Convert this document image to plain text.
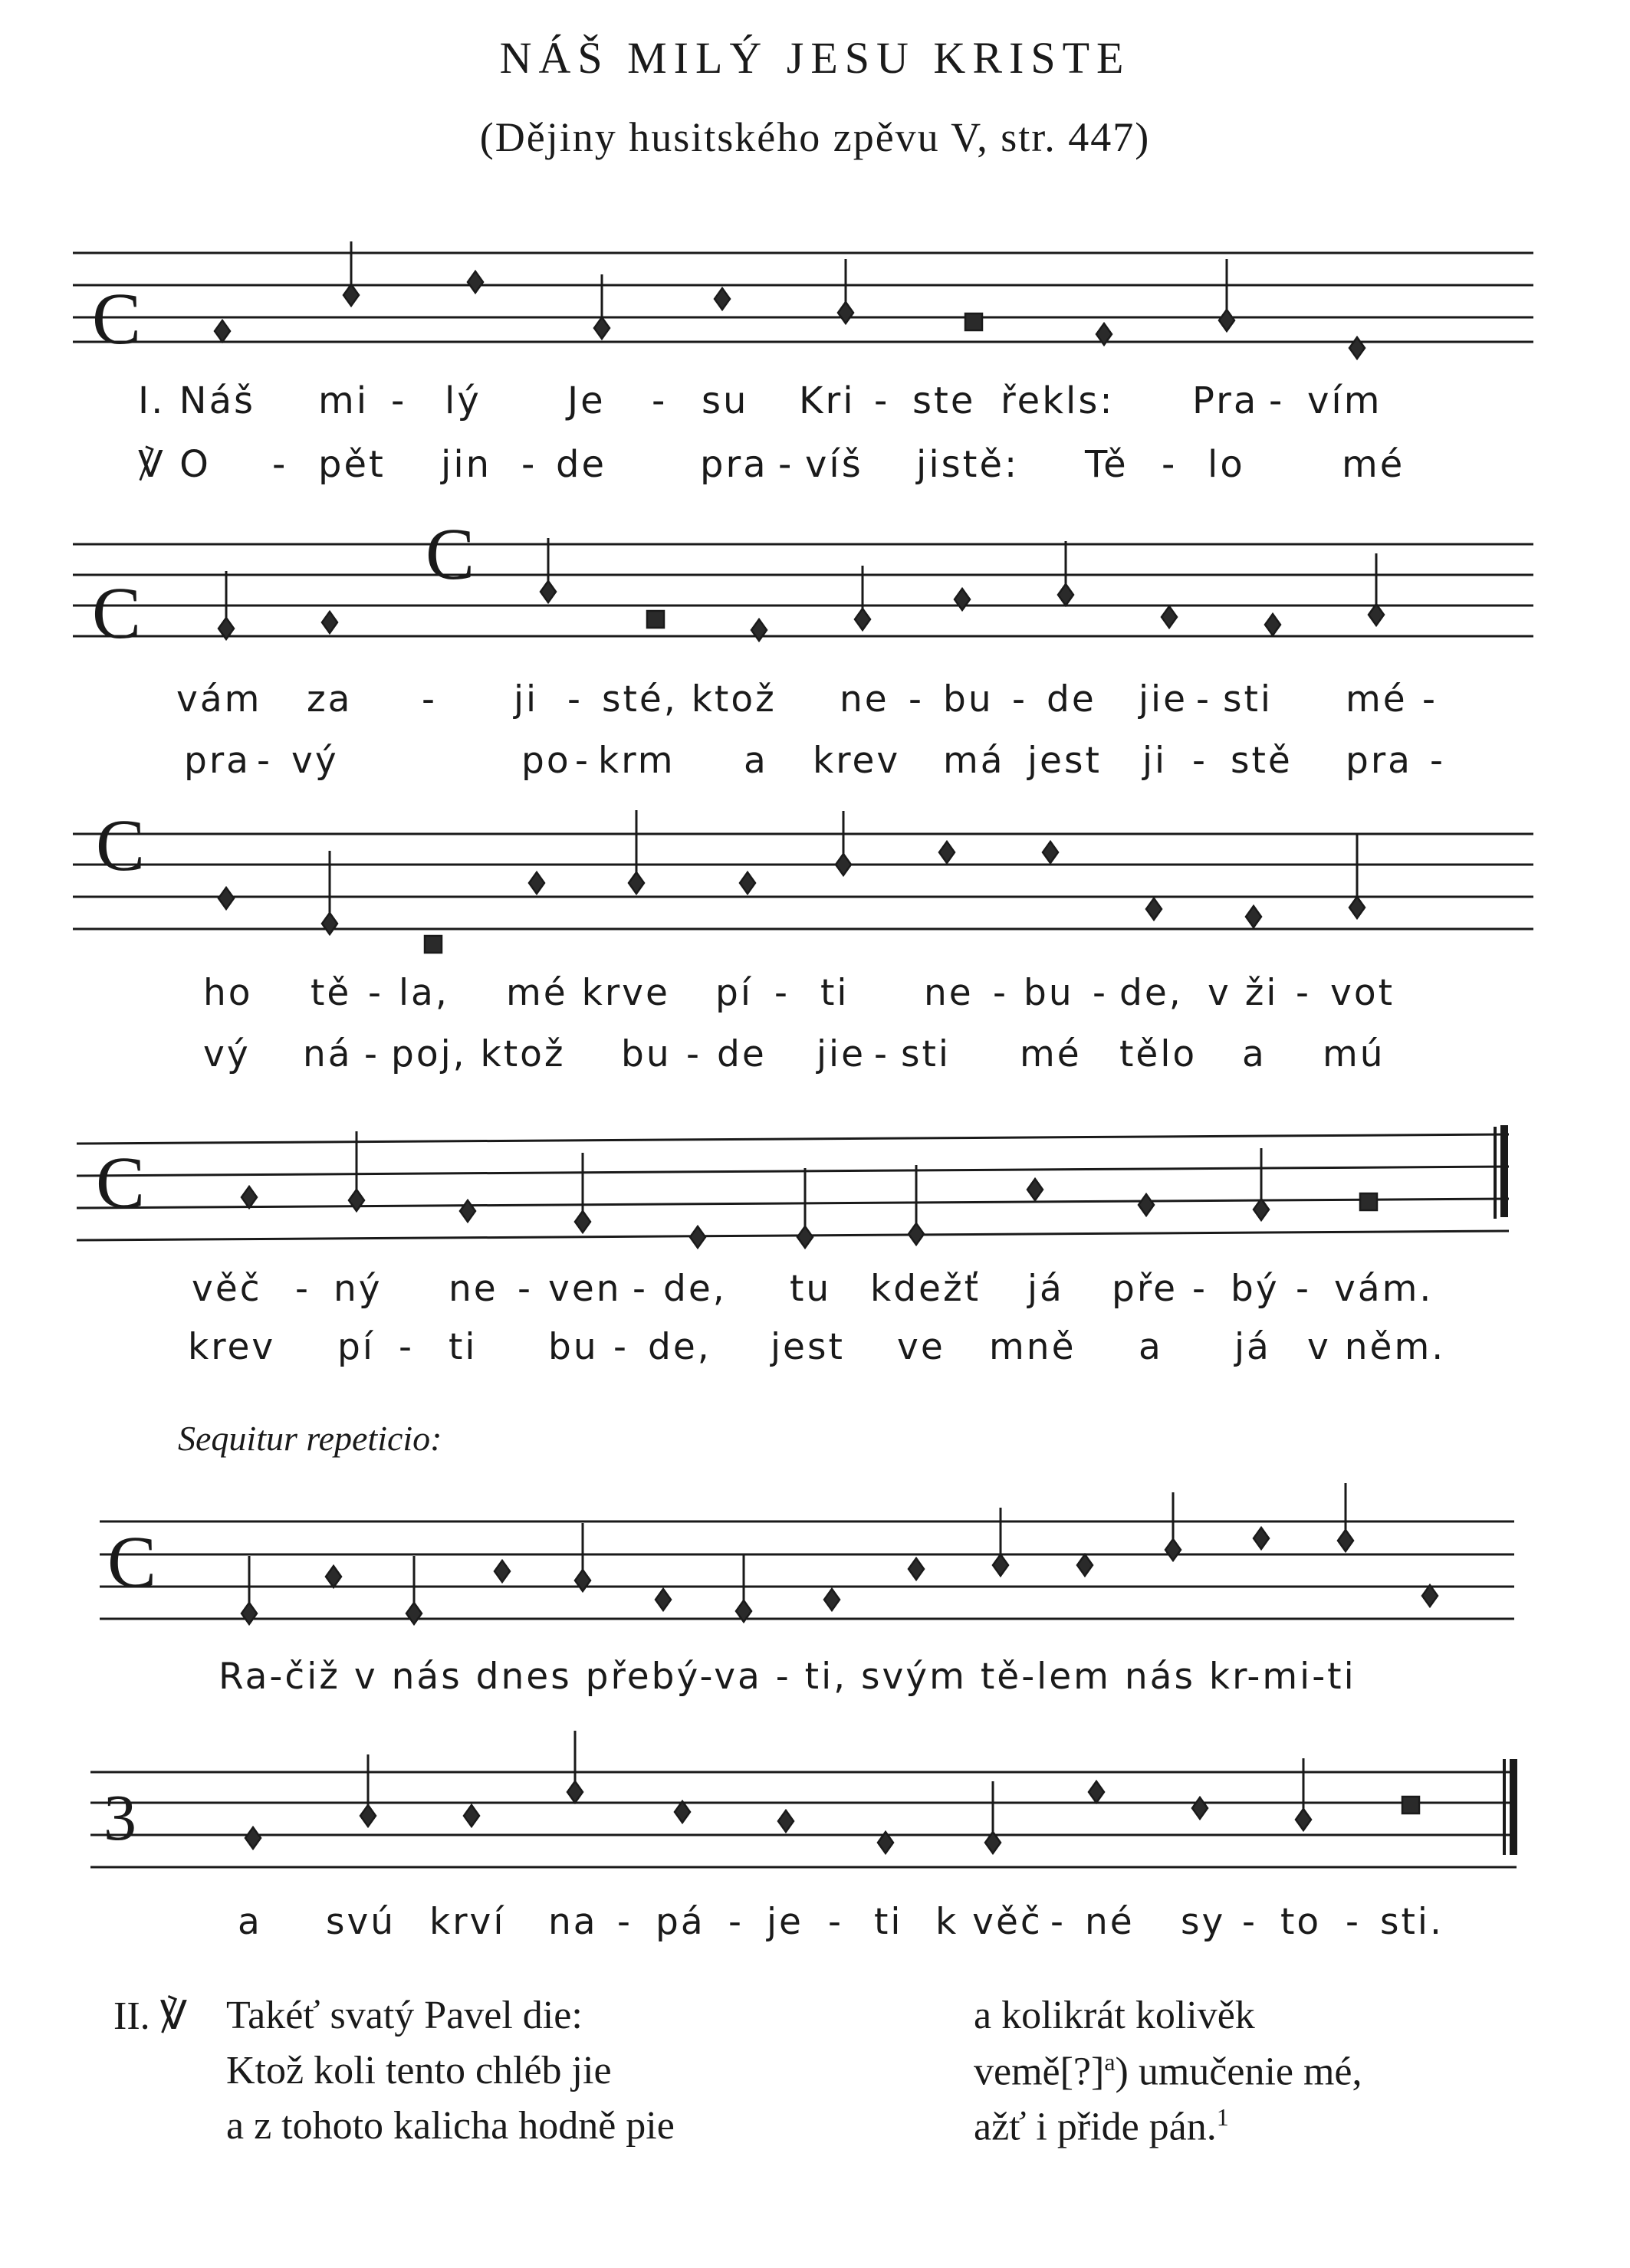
NÁŠ MILÝ JESU KRISTE
(Dějiny husitského zpěvu V, str. 447)
C
C
C
C
C
C
3
I. Náš mi - lý Je - su Kri - ste řekls: Pra - vím
℣ O - pět jin - de	pra - víš jistě: Tě - lo	mé
vám za - ji - sté, ktož ne - bu - de jie - sti mé -
pra - vý	po - krm a krev má jest ji - stě pra -
ho tě - la, mé krve pí - ti ne - bu - de, v ži - vot
vý ná - poj, ktož bu - de jie - sti mé tělo a mú
věč - ný ne - ven - de, tu kdežť já pře - bý - vám.
krev pí - ti bu - de, jest ve mně a já v něm.
Sequitur repeticio:
Ra-čiž v nás dnes přebý-va - ti, svým tě-lem nás kr-mi-ti
a svú krví na - pá - je - ti k věč - né sy - to - sti.
II. ℣ Takéť svatý Pavel die:
Ktož koli tento chléb jie
a z tohoto kalicha hodně pie
a kolikrát kolivěk
vemě[?]$^a$) umučenie mé,
ažť i přide pán.$^1$
